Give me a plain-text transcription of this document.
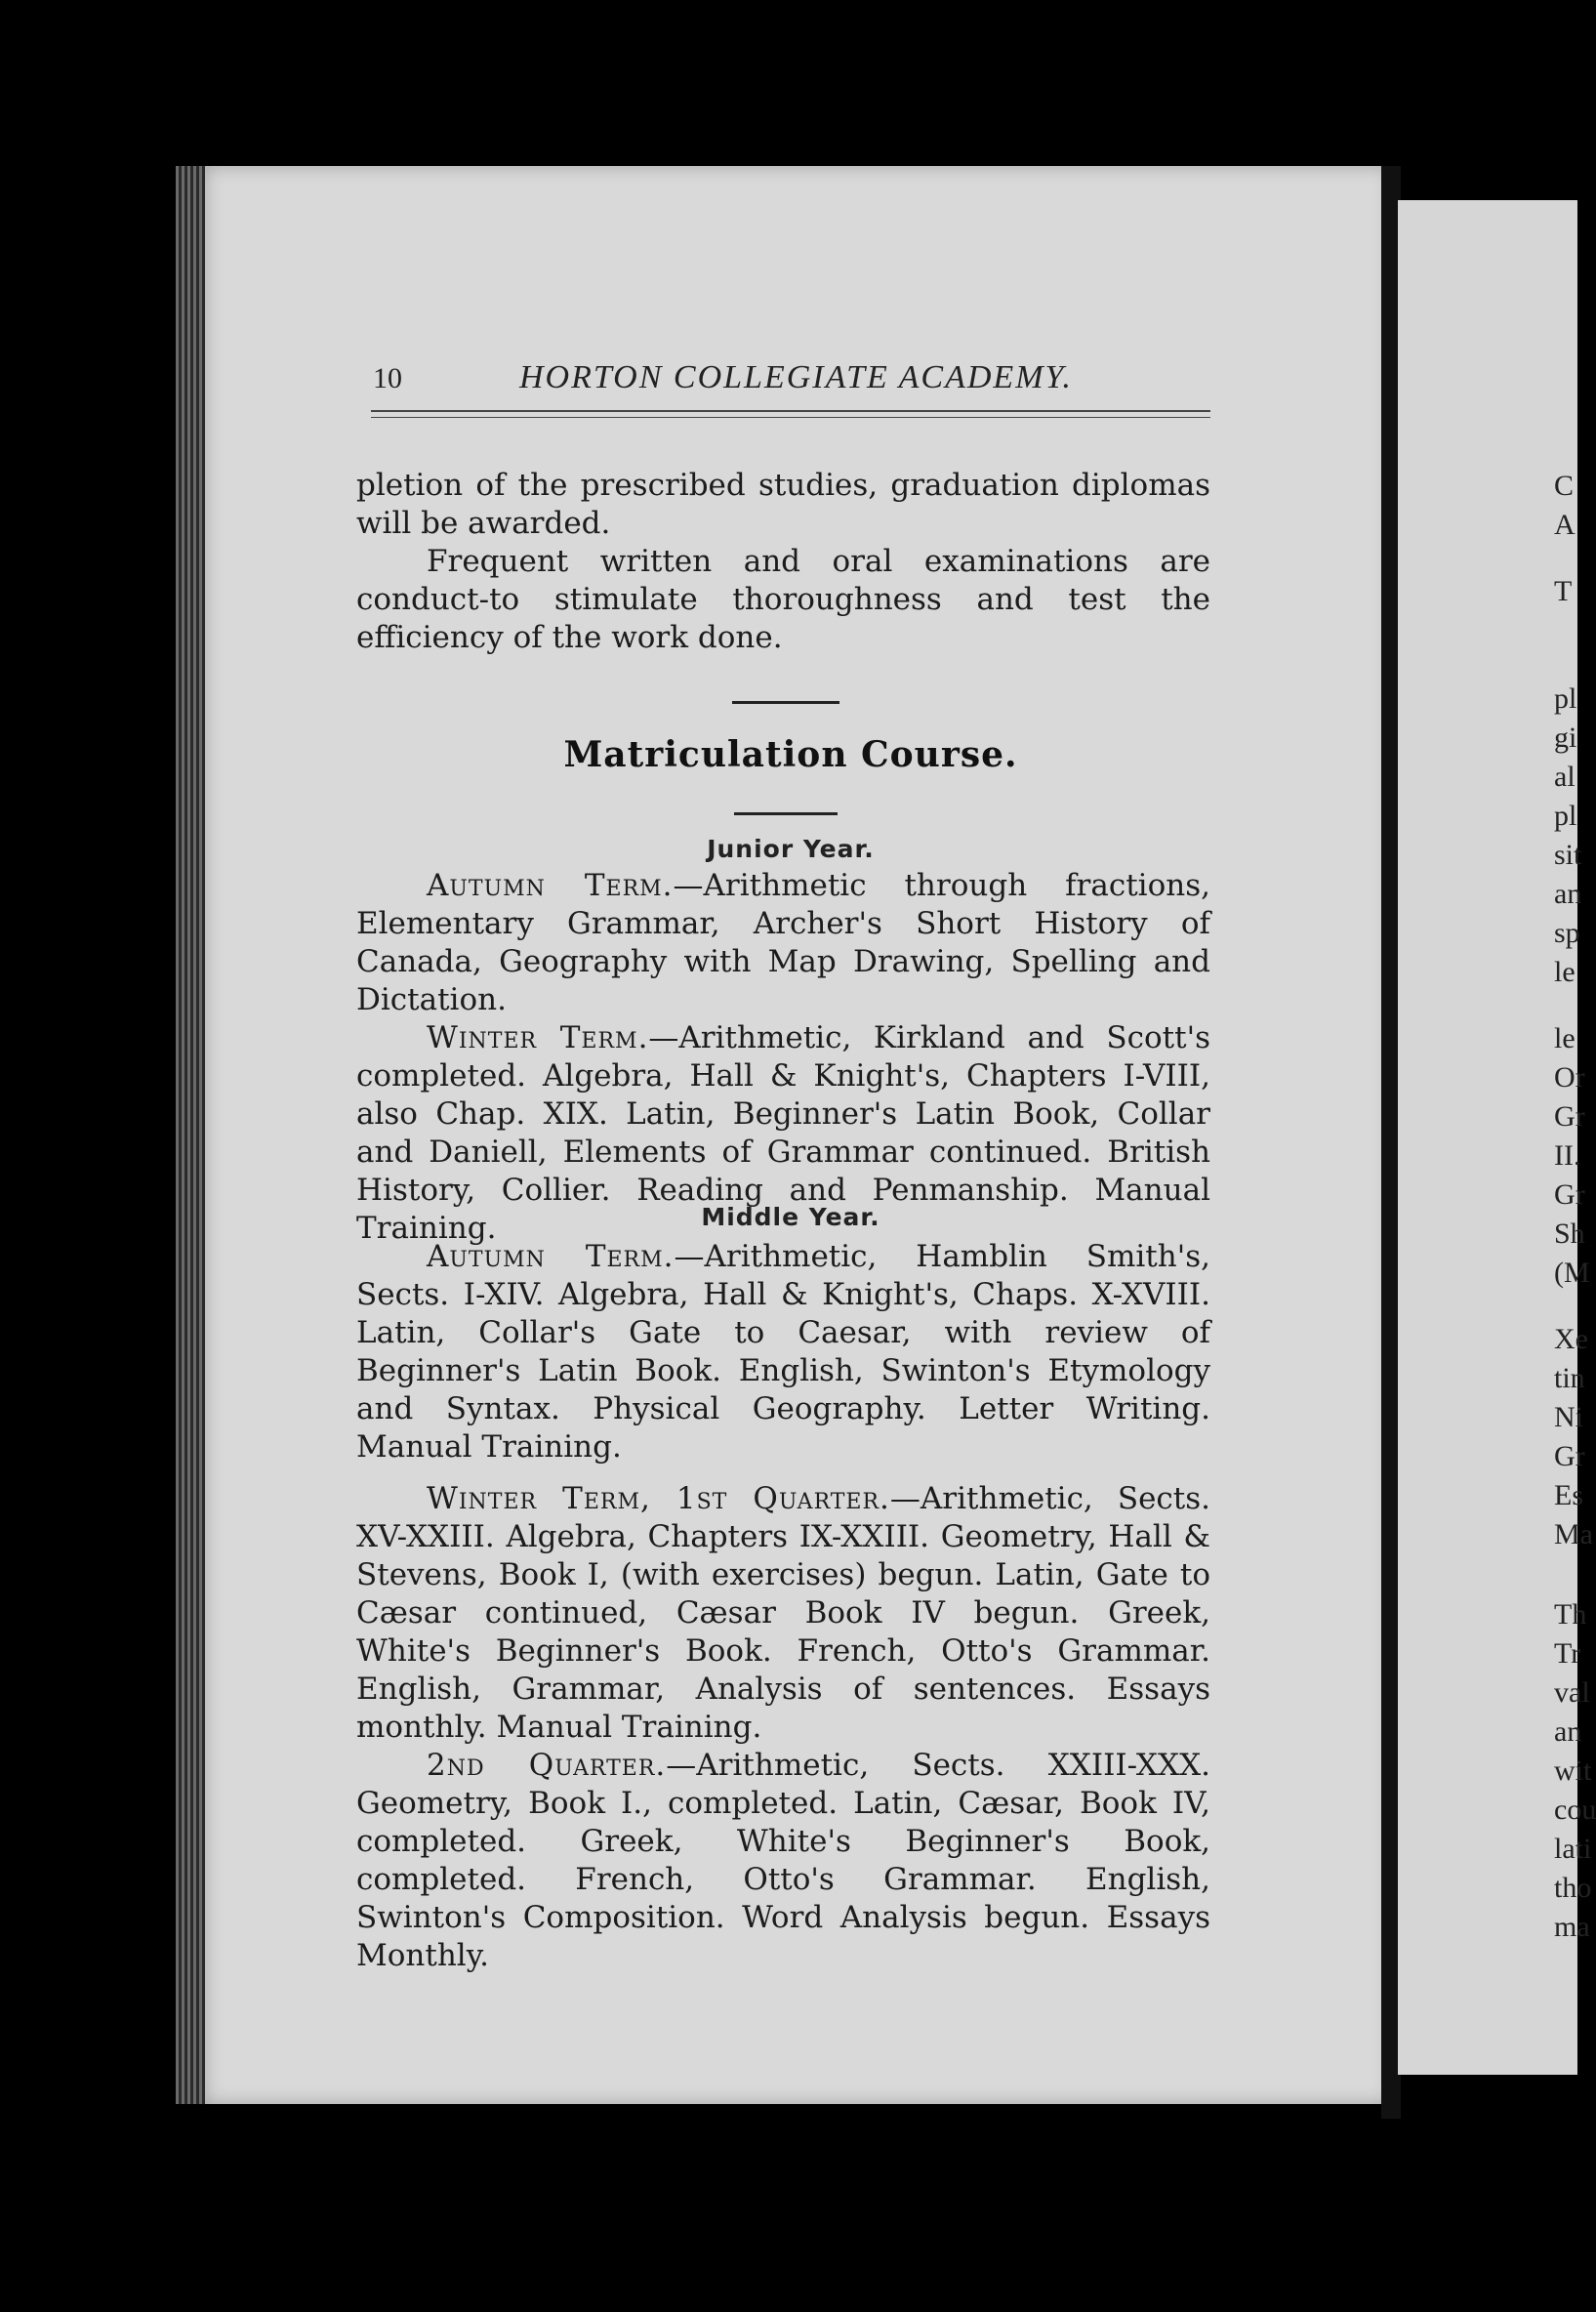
10	HORTON COLLEGIATE ACADEMY.

pletion of the prescribed studies, graduation diplomas will be awarded.

Frequent written and oral examinations are conduct-to stimulate thoroughness and test the efficiency of the work done.

Matriculation Course.
Junior Year.

Autumn Term.—Arithmetic through fractions, Elementary Grammar, Archer's Short History of Canada, Geography with Map Drawing, Spelling and Dictation.

Winter Term.—Arithmetic, Kirkland and Scott's completed. Algebra, Hall & Knight's, Chapters I-VIII, also Chap. XIX. Latin, Beginner's Latin Book, Collar and Daniell, Elements of Grammar continued. British History, Collier. Reading and Penmanship. Manual Training.	Middle Year.

Autumn Term.—Arithmetic, Hamblin Smith's, Sects. I-XIV. Algebra, Hall & Knight's, Chaps. X-XVIII. Latin, Collar's Gate to Caesar, with review of Beginner's Latin Book. English, Swinton's Etymology and Syntax. Physical Geography. Letter Writing. Manual Training.

Winter Term, 1st Quarter.—Arithmetic, Sects. XV-XXIII. Algebra, Chapters IX-XXIII. Geometry, Hall & Stevens, Book I, (with exercises) begun. Latin, Gate to Cæsar continued, Cæsar Book IV begun. Greek, White's Beginner's Book. French, Otto's Grammar. English, Grammar, Analysis of sentences. Essays monthly. Manual Training.

2nd Quarter.—Arithmetic, Sects. XXIII-XXX. Geometry, Book I., completed. Latin, Cæsar, Book IV, completed. Greek, White's Beginner's Book, completed. French, Otto's Grammar. English, Swinton's Composition. Word Analysis begun. Essays Monthly.

C
A
T
pl
gi
al
pl
sit
an
sp
le
le
Or
Gr
II.
Gr
Sh
(M
Xe
tin
Ni
Gr
Es
Ma
Th
Tr
val
an
wit
cou
lati
tho
ma
